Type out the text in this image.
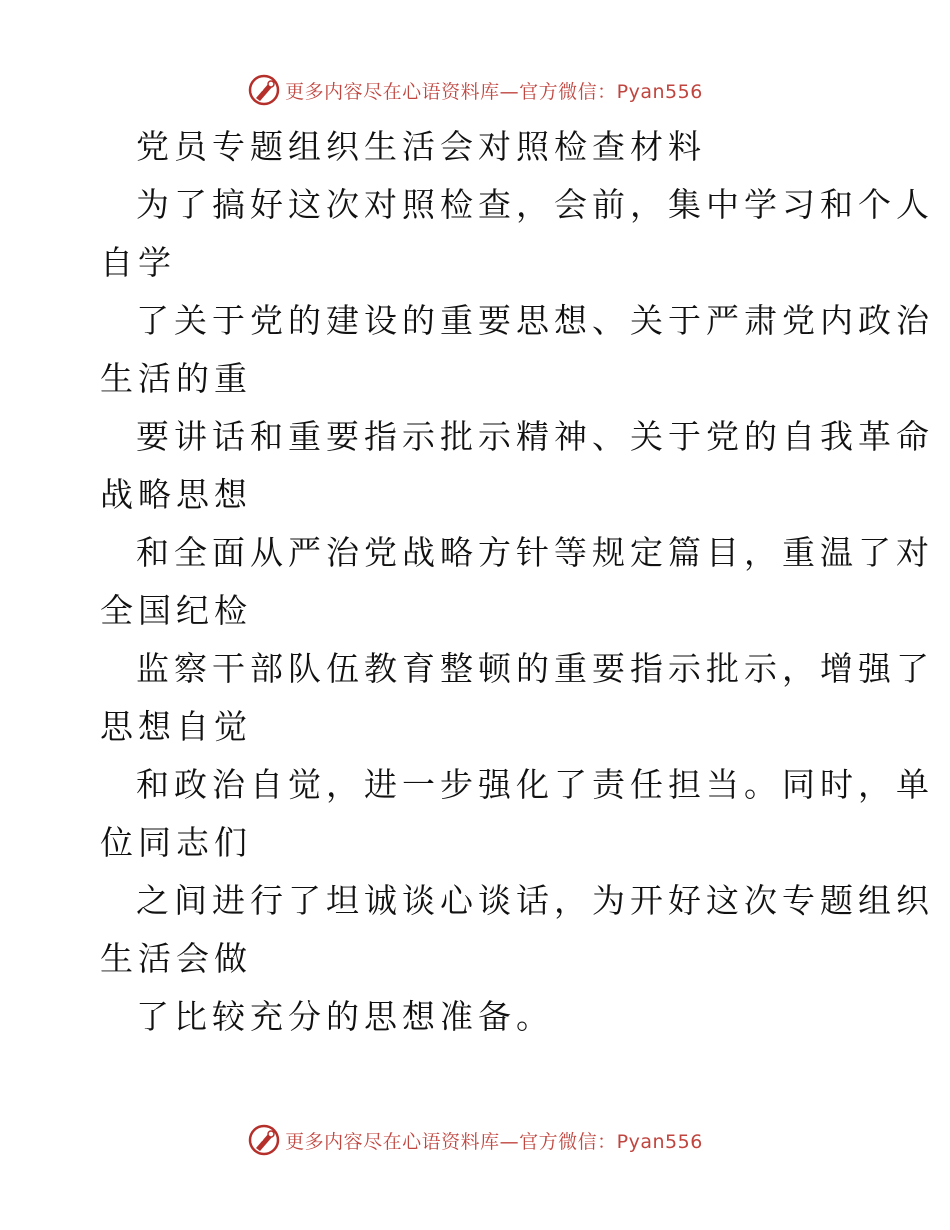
更多内容尽在心语资料库—官方微信：Pyan556
党员专题组织生活会对照检查材料
为了搞好这次对照检查，会前，集中学习和个人
自学
了关于党的建设的重要思想、关于严肃党内政治
生活的重
要讲话和重要指示批示精神、关于党的自我革命
战略思想
和全面从严治党战略方针等规定篇目，重温了对
全国纪检
监察干部队伍教育整顿的重要指示批示，增强了
思想自觉
和政治自觉，进一步强化了责任担当。同时，单
位同志们
之间进行了坦诚谈心谈话，为开好这次专题组织
生活会做
了比较充分的思想准备。
更多内容尽在心语资料库—官方微信：Pyan556
